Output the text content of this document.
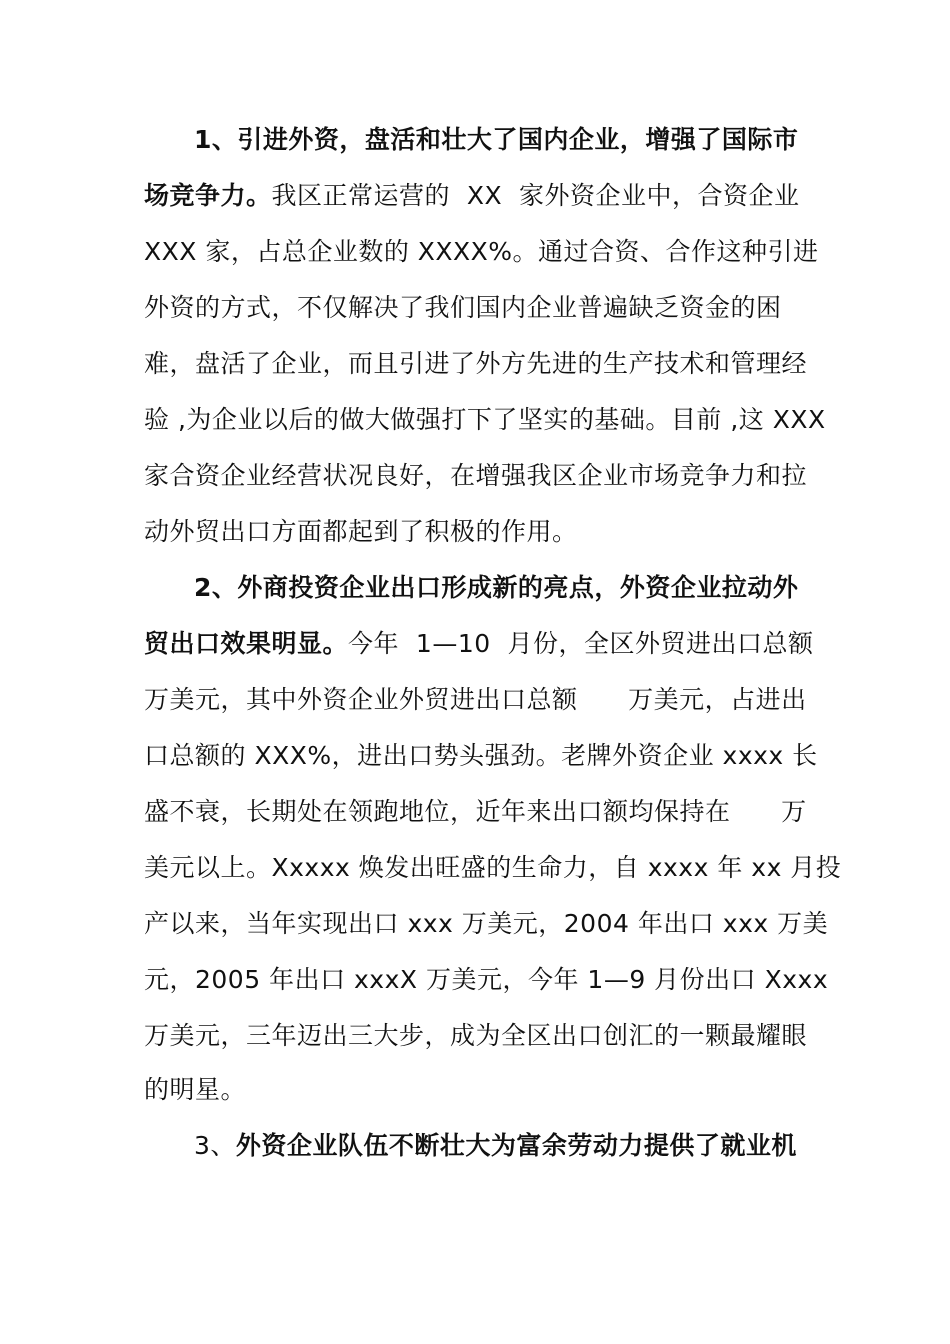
1、引进外资，盘活和壮大了国内企业，增强了国际市
场竞争力。我区正常运营的  XX  家外资企业中，合资企业
XXX 家，占总企业数的 XXXX%。通过合资、合作这种引进
外资的方式，不仅解决了我们国内企业普遍缺乏资金的困
难，盘活了企业，而且引进了外方先进的生产技术和管理经
验 ,为企业以后的做大做强打下了坚实的基础。目前 ,这 XXX
家合资企业经营状况良好，在增强我区企业市场竞争力和拉
动外贸出口方面都起到了积极的作用。
2、外商投资企业出口形成新的亮点，外资企业拉动外
贸出口效果明显。今年  1—10  月份，全区外贸进出口总额
万美元，其中外资企业外贸进出口总额      万美元，占进出
口总额的 XXX%，进出口势头强劲。老牌外资企业 xxxx 长
盛不衰，长期处在领跑地位，近年来出口额均保持在      万
美元以上。Xxxxx 焕发出旺盛的生命力，自 xxxx 年 xx 月投
产以来，当年实现出口 xxx 万美元，2004 年出口 xxx 万美
元，2005 年出口 xxxX 万美元，今年 1—9 月份出口 Xxxx
万美元，三年迈出三大步，成为全区出口创汇的一颗最耀眼
的明星。
3、外资企业队伍不断壮大为富余劳动力提供了就业机
